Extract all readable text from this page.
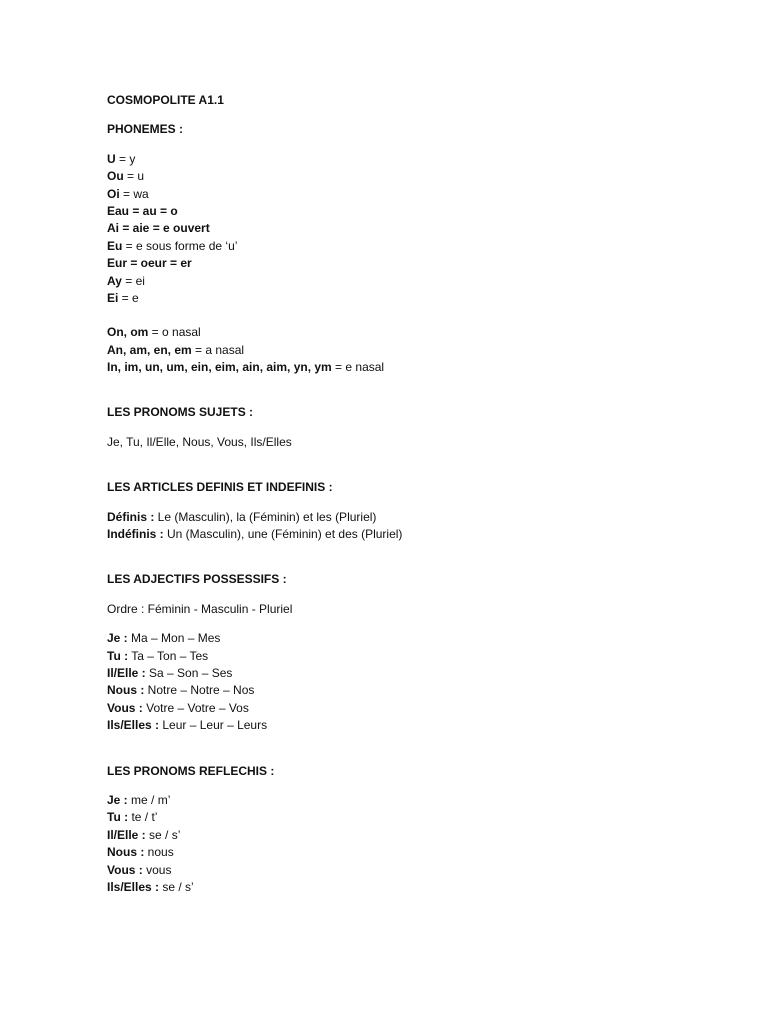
COSMOPOLITE A1.1
PHONEMES :
U = y
Ou = u
Oi = wa
Eau = au = o
Ai = aie = e ouvert
Eu = e sous forme de ‘u’
Eur = oeur = er
Ay = ei
Ei = e
On, om = o nasal
An, am, en, em = a nasal
In, im, un, um, ein, eim, ain, aim, yn, ym = e nasal
LES PRONOMS SUJETS :
Je, Tu, Il/Elle, Nous, Vous, Ils/Elles
LES ARTICLES DEFINIS ET INDEFINIS :
Définis : Le (Masculin), la (Féminin) et les (Pluriel)
Indéfinis : Un (Masculin), une (Féminin) et des (Pluriel)
LES ADJECTIFS POSSESSIFS :
Ordre : Féminin - Masculin - Pluriel
Je : Ma – Mon – Mes
Tu : Ta – Ton – Tes
Il/Elle : Sa – Son – Ses
Nous : Notre – Notre – Nos
Vous : Votre – Votre – Vos
Ils/Elles : Leur – Leur – Leurs
LES PRONOMS REFLECHIS :
Je : me / m’
Tu : te / t’
Il/Elle : se / s’
Nous : nous
Vous : vous
Ils/Elles : se / s’
